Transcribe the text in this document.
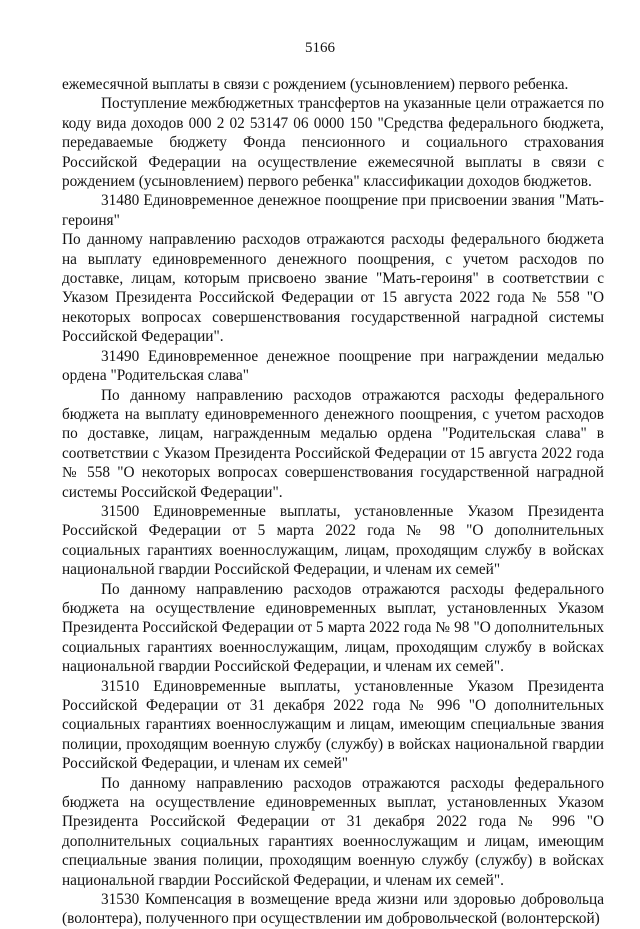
5166

ежемесячной выплаты в связи с рождением (усыновлением) первого ребенка.

Поступление межбюджетных трансфертов на указанные цели отражается по коду вида доходов 000 2 02 53147 06 0000 150 "Средства федерального бюджета, передаваемые бюджету Фонда пенсионного и социального страхования Российской Федерации на осуществление ежемесячной выплаты в связи с рождением (усыновлением) первого ребенка" классификации доходов бюджетов.

31480 Единовременное денежное поощрение при присвоении звания "Мать-героиня"

По данному направлению расходов отражаются расходы федерального бюджета на выплату единовременного денежного поощрения, с учетом расходов по доставке, лицам, которым присвоено звание "Мать-героиня" в соответствии с Указом Президента Российской Федерации от 15 августа 2022 года № 558 "О некоторых вопросах совершенствования государственной наградной системы Российской Федерации".

31490 Единовременное денежное поощрение при награждении медалью ордена "Родительская слава"

По данному направлению расходов отражаются расходы федерального бюджета на выплату единовременного денежного поощрения, с учетом расходов по доставке, лицам, награжденным медалью ордена "Родительская слава" в соответствии с Указом Президента Российской Федерации от 15 августа 2022 года № 558 "О некоторых вопросах совершенствования государственной наградной системы Российской Федерации".

31500 Единовременные выплаты, установленные Указом Президента Российской Федерации от 5 марта 2022 года № 98 "О дополнительных социальных гарантиях военнослужащим, лицам, проходящим службу в войсках национальной гвардии Российской Федерации, и членам их семей"

По данному направлению расходов отражаются расходы федерального бюджета на осуществление единовременных выплат, установленных Указом Президента Российской Федерации от 5 марта 2022 года № 98 "О дополнительных социальных гарантиях военнослужащим, лицам, проходящим службу в войсках национальной гвардии Российской Федерации, и членам их семей".

31510 Единовременные выплаты, установленные Указом Президента Российской Федерации от 31 декабря 2022 года № 996 "О дополнительных социальных гарантиях военнослужащим и лицам, имеющим специальные звания полиции, проходящим военную службу (службу) в войсках национальной гвардии Российской Федерации, и членам их семей"

По данному направлению расходов отражаются расходы федерального бюджета на осуществление единовременных выплат, установленных Указом Президента Российской Федерации от 31 декабря 2022 года № 996 "О дополнительных социальных гарантиях военнослужащим и лицам, имеющим специальные звания полиции, проходящим военную службу (службу) в войсках национальной гвардии Российской Федерации, и членам их семей".

31530 Компенсация в возмещение вреда жизни или здоровью добровольца (волонтера), полученного при осуществлении им добровольческой (волонтерской)
